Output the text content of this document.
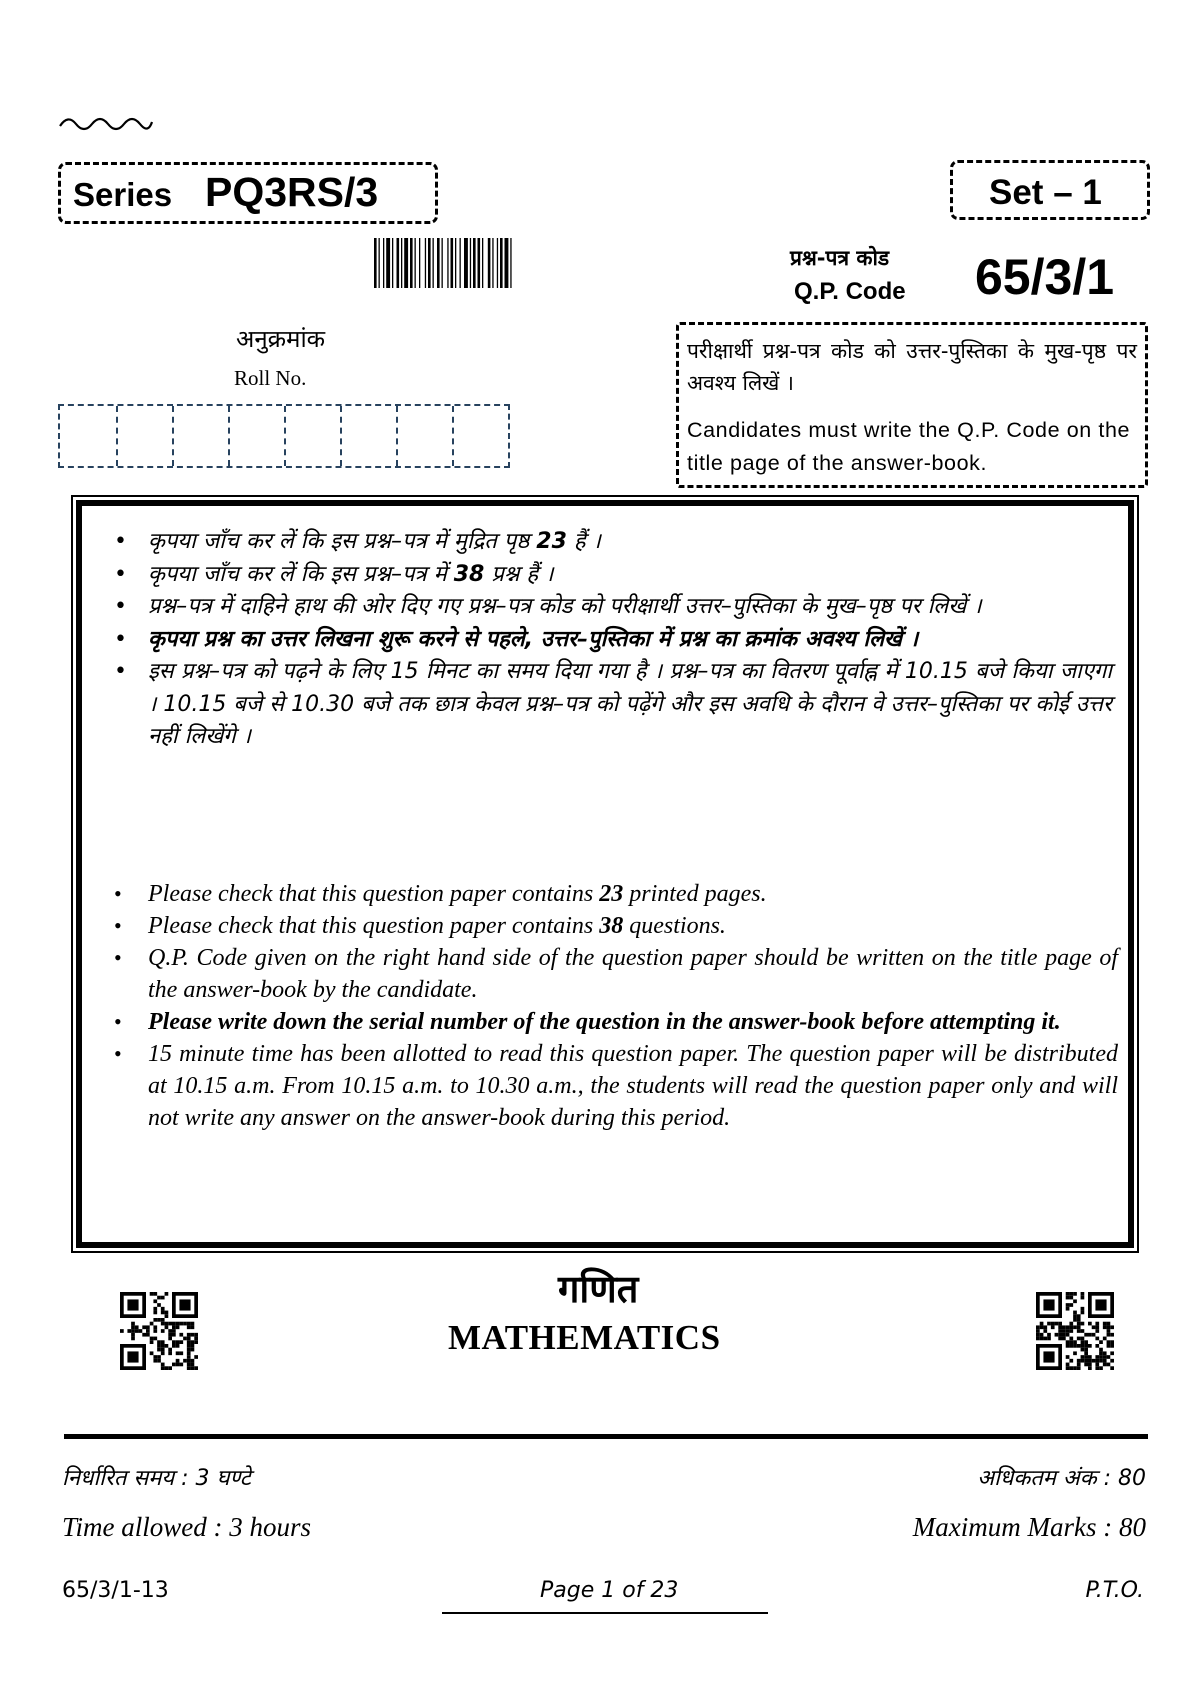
Series PQ3RS/3	Set – 1
प्रश्न-पत्र कोड
Q.P. Code 65/3/1
अनुक्रमांक
Roll No.
परीक्षार्थी प्रश्न-पत्र कोड को उत्तर-पुस्तिका के मुख-पृष्ठ पर अवश्य लिखें ।
Candidates must write the Q.P. Code on the title page of the answer-book.
• कृपया जाँच कर लें कि इस प्रश्न–पत्र में मुद्रित पृष्ठ 23 हैं ।
• कृपया जाँच कर लें कि इस प्रश्न–पत्र में 38 प्रश्न हैं ।
• प्रश्न–पत्र में दाहिने हाथ की ओर दिए गए प्रश्न–पत्र कोड को परीक्षार्थी उत्तर–पुस्तिका के मुख–पृष्ठ पर लिखें ।
• कृपया प्रश्न का उत्तर लिखना शुरू करने से पहले, उत्तर–पुस्तिका में प्रश्न का क्रमांक अवश्य लिखें ।
• इस प्रश्न–पत्र को पढ़ने के लिए 15 मिनट का समय दिया गया है । प्रश्न–पत्र का वितरण पूर्वाह्न में 10.15 बजे किया जाएगा । 10.15 बजे से 10.30 बजे तक छात्र केवल प्रश्न–पत्र को पढ़ेंगे और इस अवधि के दौरान वे उत्तर–पुस्तिका पर कोई उत्तर नहीं लिखेंगे ।
• Please check that this question paper contains 23 printed pages.
• Please check that this question paper contains 38 questions.
• Q.P. Code given on the right hand side of the question paper should be written on the title page of the answer-book by the candidate.
• Please write down the serial number of the question in the answer-book before attempting it.
• 15 minute time has been allotted to read this question paper. The question paper will be distributed at 10.15 a.m. From 10.15 a.m. to 10.30 a.m., the students will read the question paper only and will not write any answer on the answer-book during this period.
गणित
MATHEMATICS
निर्धारित समय : 3 घण्टे	अधिकतम अंक : 80
Time allowed : 3 hours	Maximum Marks : 80
65/3/1-13	Page 1 of 23	P.T.O.
